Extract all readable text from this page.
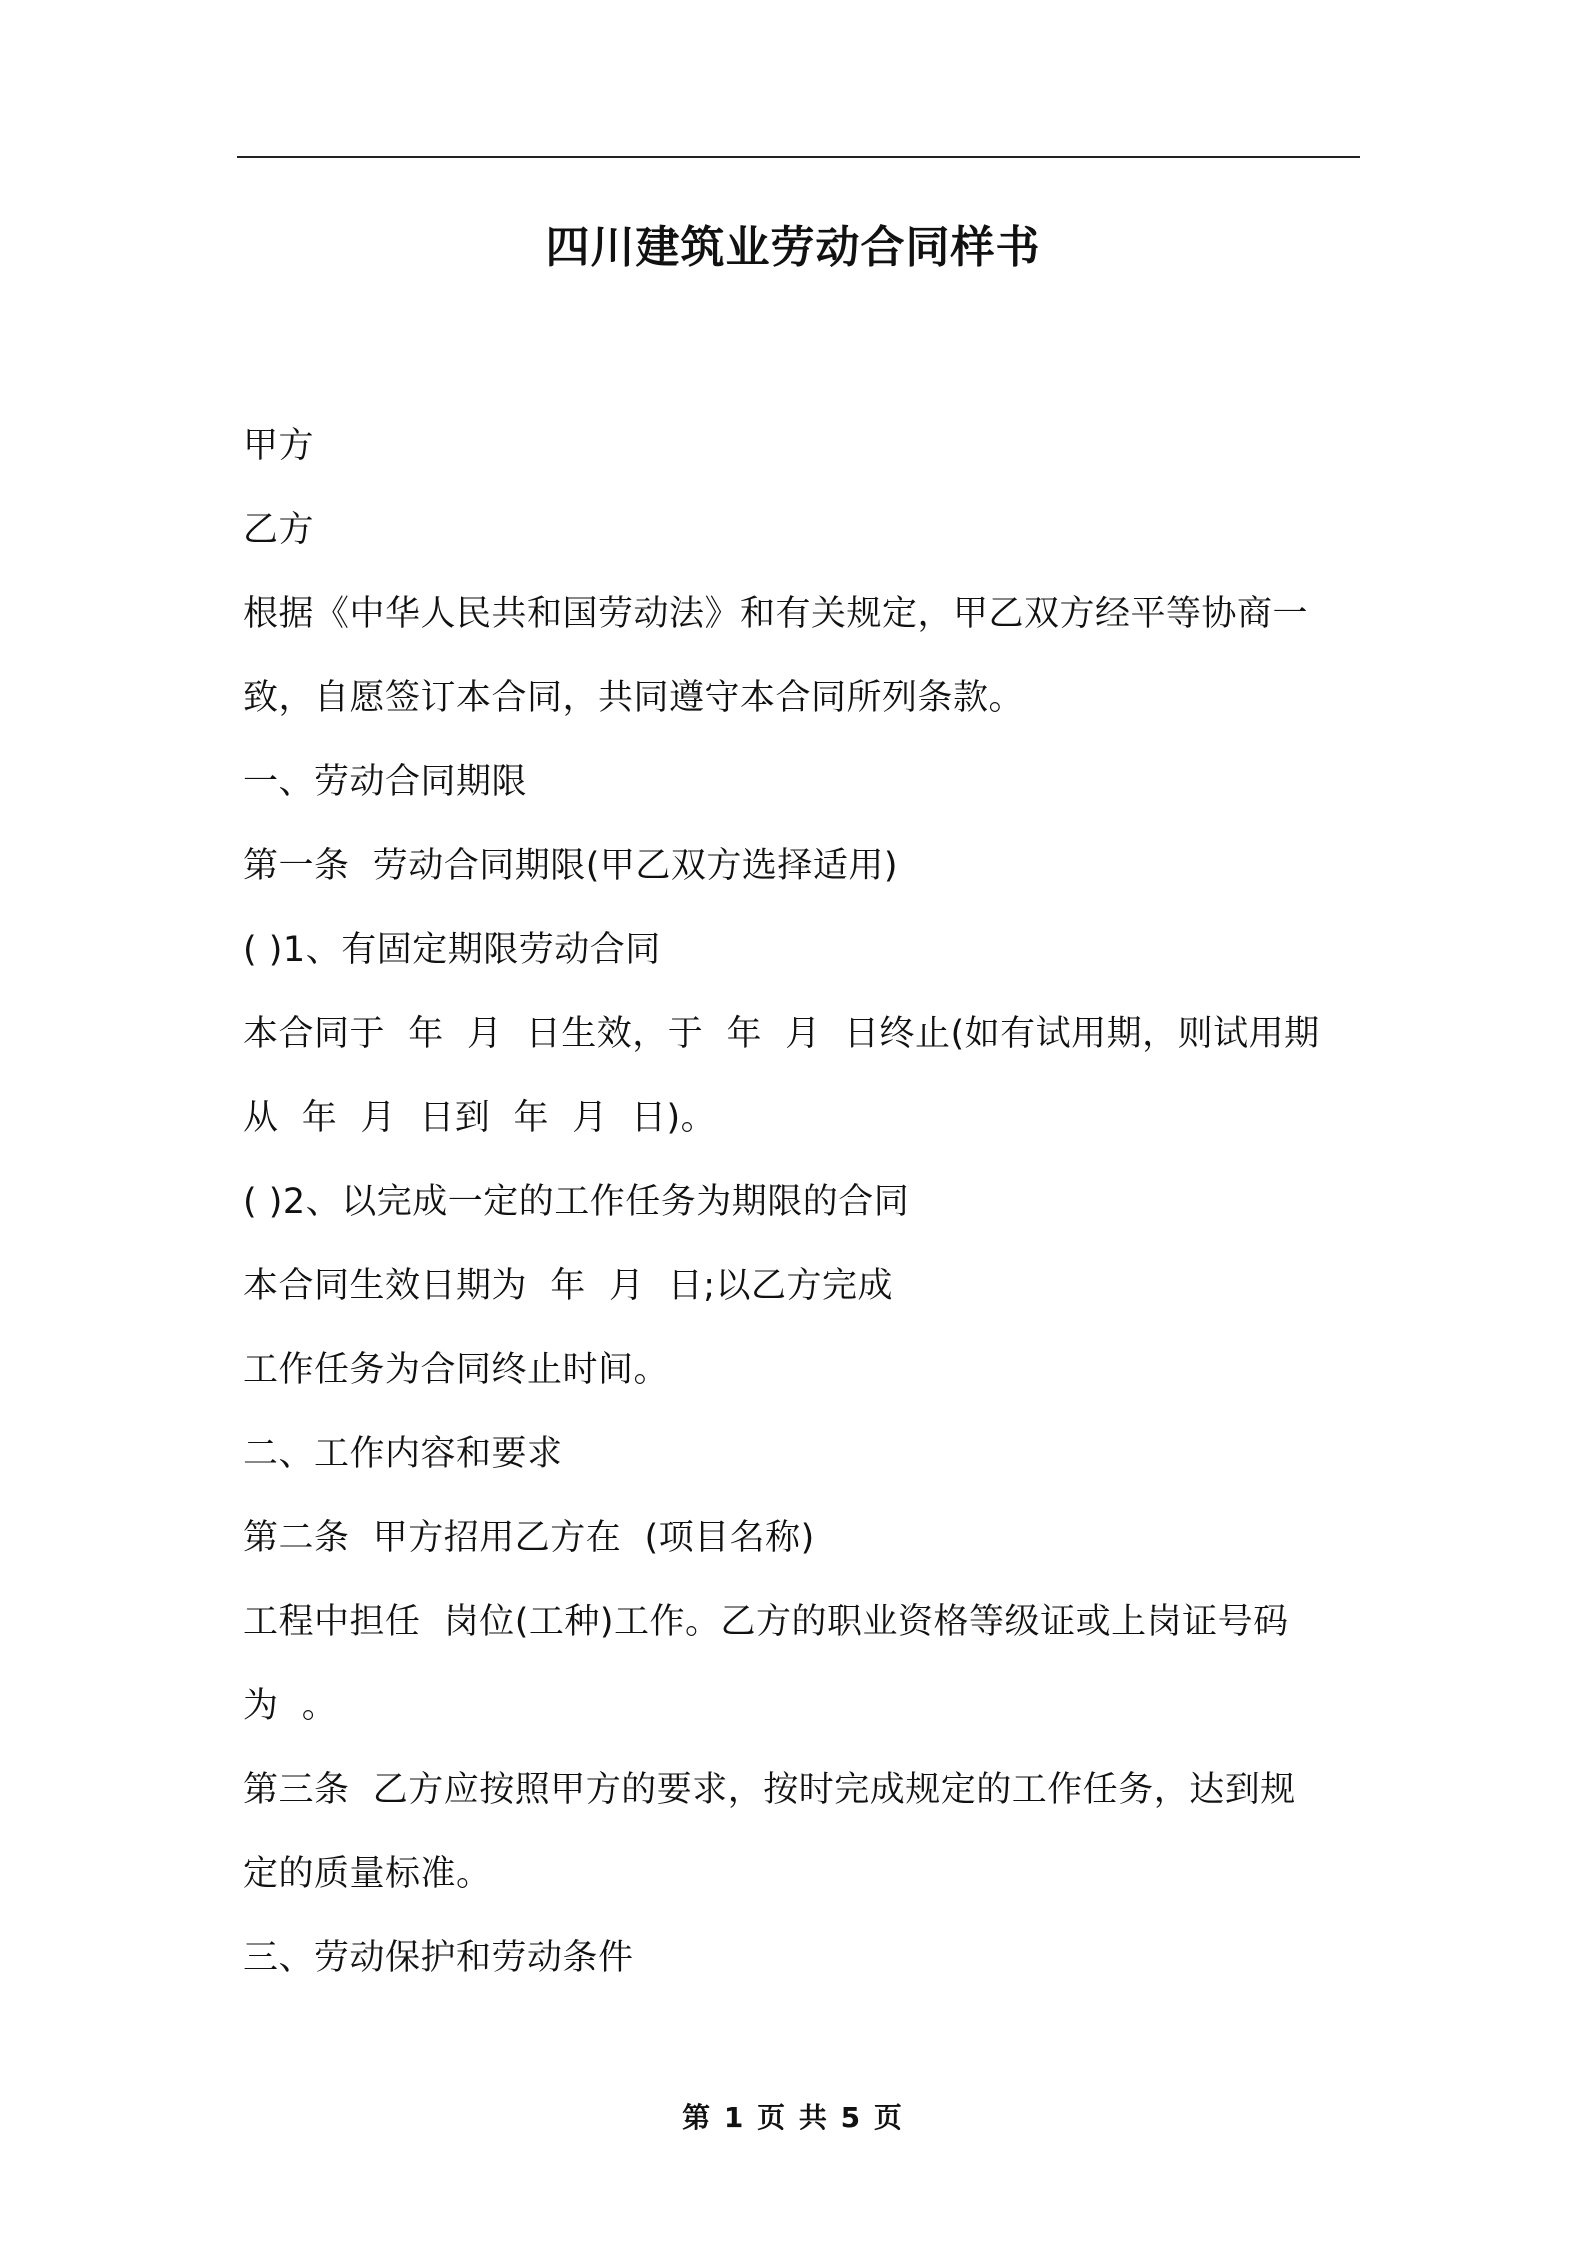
四川建筑业劳动合同样书
甲方
乙方
根据《中华人民共和国劳动法》和有关规定，甲乙双方经平等协商一
致，自愿签订本合同，共同遵守本合同所列条款。
一、劳动合同期限
第一条  劳动合同期限(甲乙双方选择适用)
( )1、有固定期限劳动合同
本合同于  年  月  日生效，于  年  月  日终止(如有试用期，则试用期
从  年  月  日到  年  月  日)。
( )2、以完成一定的工作任务为期限的合同
本合同生效日期为  年  月  日;以乙方完成
工作任务为合同终止时间。
二、工作内容和要求
第二条  甲方招用乙方在  (项目名称)
工程中担任  岗位(工种)工作。乙方的职业资格等级证或上岗证号码
为  。
第三条  乙方应按照甲方的要求，按时完成规定的工作任务，达到规
定的质量标准。
三、劳动保护和劳动条件
第 1 页 共 5 页
